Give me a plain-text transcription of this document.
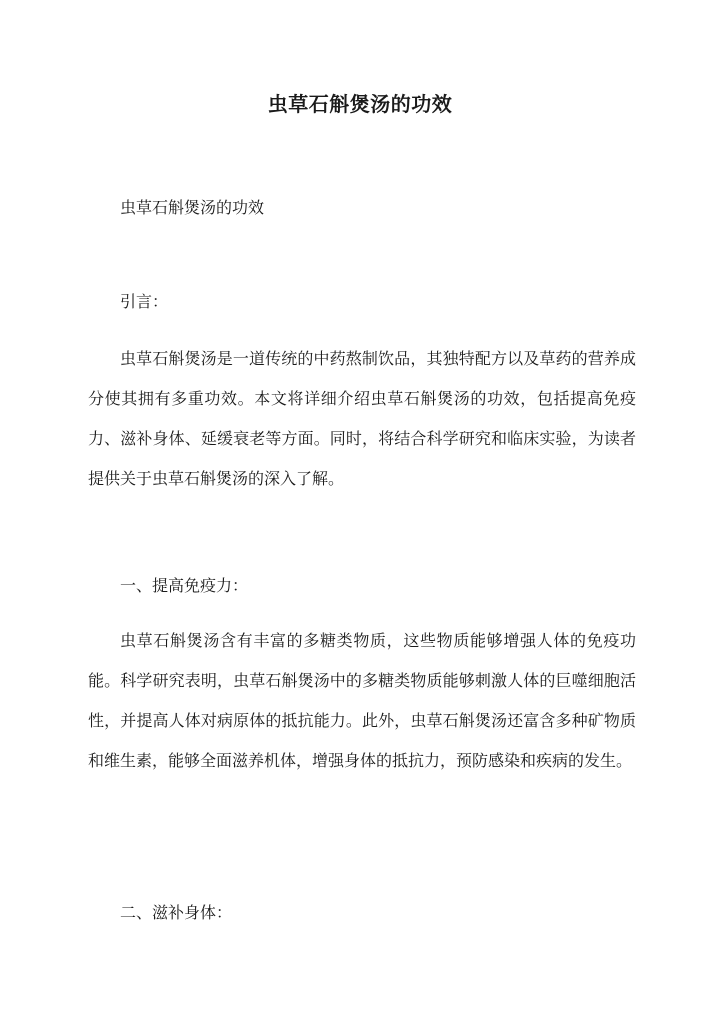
虫草石斛煲汤的功效

虫草石斛煲汤的功效

引言：

虫草石斛煲汤是一道传统的中药熬制饮品，其独特配方以及草药的营养成分使其拥有多重功效。本文将详细介绍虫草石斛煲汤的功效，包括提高免疫力、滋补身体、延缓衰老等方面。同时，将结合科学研究和临床实验，为读者提供关于虫草石斛煲汤的深入了解。

一、提高免疫力：

虫草石斛煲汤含有丰富的多糖类物质，这些物质能够增强人体的免疫功能。科学研究表明，虫草石斛煲汤中的多糖类物质能够刺激人体的巨噬细胞活性，并提高人体对病原体的抵抗能力。此外，虫草石斛煲汤还富含多种矿物质和维生素，能够全面滋养机体，增强身体的抵抗力，预防感染和疾病的发生。

二、滋补身体：
